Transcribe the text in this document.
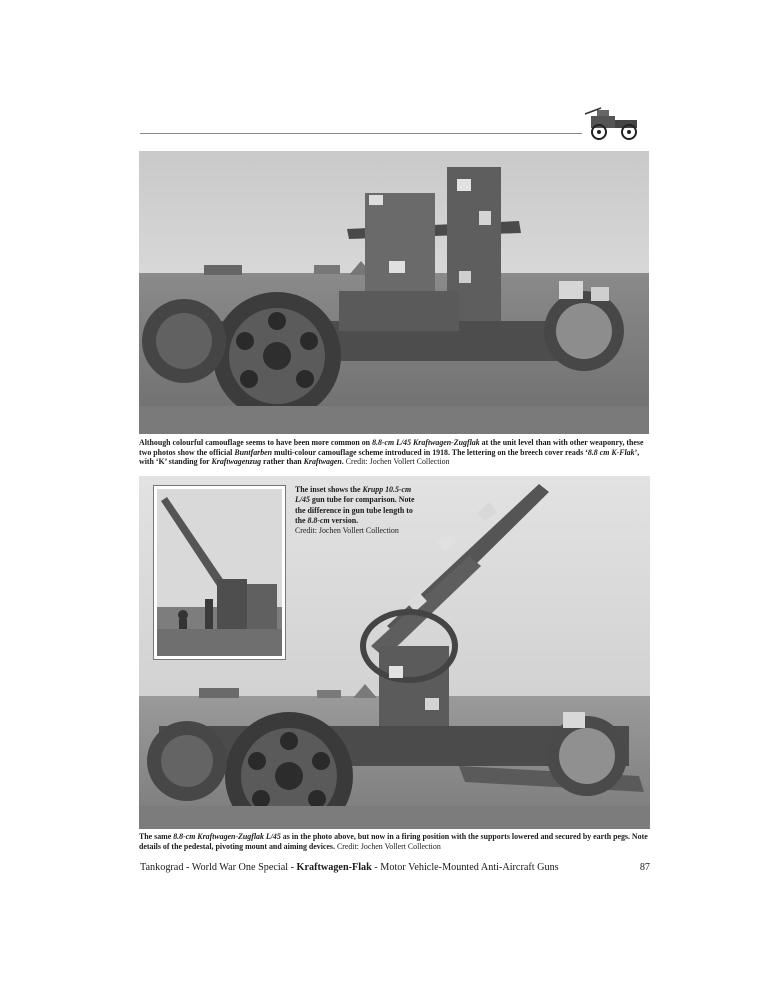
Although colourful camouflage seems to have been more common on 8.8-cm L/45 Kraftwagen-Zugflak at the unit level than with other weaponry, these two photos show the official Buntfarben multi-colour camouflage scheme introduced in 1918. The lettering on the breech cover reads ‘8.8 cm K-Flak’, with ‘K’ standing for Kraftwagenzug rather than Kraftwagen. Credit: Jochen Vollert Collection
The inset shows the Krupp 10.5-cm L/45 gun tube for comparison. Note the difference in gun tube length to the 8.8-cm version.
Credit: Jochen Vollert Collection
The same 8.8-cm Kraftwagen-Zugflak L/45 as in the photo above, but now in a firing position with the supports lowered and secured by earth pegs. Note details of the pedestal, pivoting mount and aiming devices. Credit: Jochen Vollert Collection
Tankograd - World War One Special - Kraftwagen-Flak - Motor Vehicle-Mounted Anti-Aircraft Guns	87
